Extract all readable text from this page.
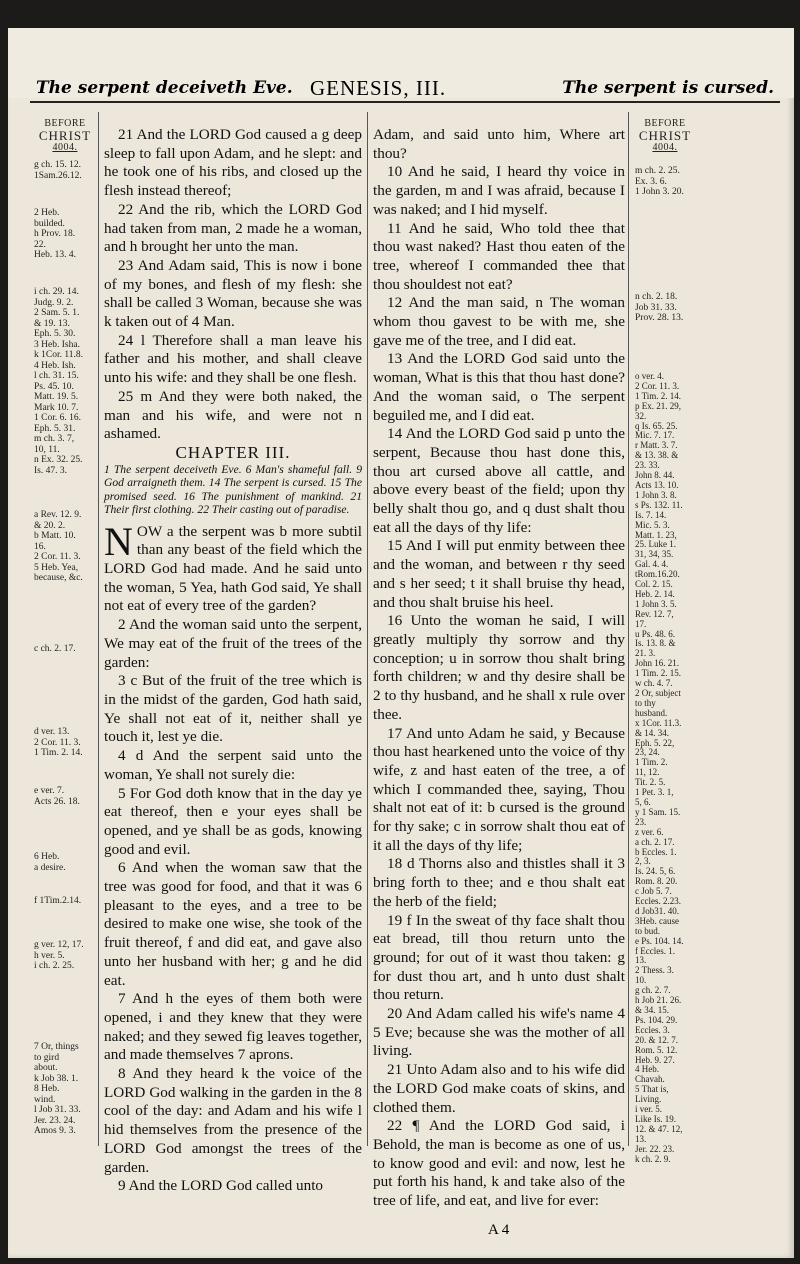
The serpent deceiveth Eve. GENESIS, III.	The serpent is cursed.
BEFORE
CHRIST
4004.
g ch. 15. 12.
1Sam.26.12.
2 Heb.
builded.
h Prov. 18.
22.
Heb. 13. 4.
i ch. 29. 14.
Judg. 9. 2.
2 Sam. 5. 1.
& 19. 13.
Eph. 5. 30.
3 Heb. Isha.
k 1Cor. 11.8.
4 Heb. Ish.
l ch. 31. 15.
Ps. 45. 10.
Matt. 19. 5.
Mark 10. 7.
1 Cor. 6. 16.
Eph. 5. 31.
m ch. 3. 7,
10, 11.
n Ex. 32. 25.
Is. 47. 3.
a Rev. 12. 9.
& 20. 2.
b Matt. 10.
16.
2 Cor. 11. 3.
5 Heb. Yea,
because, &c.
c ch. 2. 17.
d ver. 13.
2 Cor. 11. 3.
1 Tim. 2. 14.
e ver. 7.
Acts 26. 18.
6 Heb.
a desire.
f 1Tim.2.14.
g ver. 12, 17.
h ver. 5.
i ch. 2. 25.
7 Or, things
to gird
about.
k Job 38. 1.
8 Heb.
wind.
l Job 31. 33.
Jer. 23. 24.
Amos 9. 3.
BEFORE
CHRIST
4004.
m ch. 2. 25.
Ex. 3. 6.
1 John 3. 20.
n ch. 2. 18.
Job 31. 33.
Prov. 28. 13.
o ver. 4.
2 Cor. 11. 3.
1 Tim. 2. 14.
p Ex. 21. 29,
32.
q Is. 65. 25.
Mic. 7. 17.
r Matt. 3. 7.
& 13. 38. &
23. 33.
John 8. 44.
Acts 13. 10.
1 John 3. 8.
s Ps. 132. 11.
Is. 7. 14.
Mic. 5. 3.
Matt. 1. 23,
25. Luke 1.
31, 34, 35.
Gal. 4. 4.
tRom.16.20.
Col. 2. 15.
Heb. 2. 14.
1 John 3. 5.
Rev. 12. 7,
17.
u Ps. 48. 6.
Is. 13. 8. &
21. 3.
John 16. 21.
1 Tim. 2. 15.
w ch. 4. 7.
2 Or, subject
to thy
husband.
x 1Cor. 11.3.
& 14. 34.
Eph. 5. 22,
23, 24.
1 Tim. 2.
11, 12.
Tit. 2. 5.
1 Pet. 3. 1,
5, 6.
y 1 Sam. 15.
23.
z ver. 6.
a ch. 2. 17.
b Eccles. 1.
2, 3.
Is. 24. 5, 6.
Rom. 8. 20.
c Job 5. 7.
Eccles. 2.23.
d Job31. 40.
3Heb. cause
to bud.
e Ps. 104. 14.
f Eccles. 1.
13.
2 Thess. 3.
10.
g ch. 2. 7.
h Job 21. 26.
& 34. 15.
Ps. 104. 29.
Eccles. 3.
20. & 12. 7.
Rom. 5. 12.
Heb. 9. 27.
4 Heb.
Chavah.
5 That is,
Living.
i ver. 5.
Like Is. 19.
12. & 47. 12,
13.
Jer. 22. 23.
k ch. 2. 9.

21 And the LORD God caused a g deep sleep to fall upon Adam, and he slept: and he took one of his ribs, and closed up the flesh instead thereof;

22 And the rib, which the LORD God had taken from man, 2 made he a woman, and h brought her unto the man.

23 And Adam said, This is now i bone of my bones, and flesh of my flesh: she shall be called 3 Woman, because she was k taken out of 4 Man.

24 l Therefore shall a man leave his father and his mother, and shall cleave unto his wife: and they shall be one flesh.

25 m And they were both naked, the man and his wife, and were not n ashamed.

CHAPTER III.

1 The serpent deceiveth Eve. 6 Man's shameful fall. 9 God arraigneth them. 14 The serpent is cursed. 15 The promised seed. 16 The punishment of mankind. 21 Their first clothing. 22 Their casting out of paradise.

NOW a the serpent was b more subtil than any beast of the field which the LORD God had made. And he said unto the woman, 5 Yea, hath God said, Ye shall not eat of every tree of the garden?

2 And the woman said unto the serpent, We may eat of the fruit of the trees of the garden:

3 c But of the fruit of the tree which is in the midst of the garden, God hath said, Ye shall not eat of it, neither shall ye touch it, lest ye die.

4 d And the serpent said unto the woman, Ye shall not surely die:

5 For God doth know that in the day ye eat thereof, then e your eyes shall be opened, and ye shall be as gods, knowing good and evil.

6 And when the woman saw that the tree was good for food, and that it was 6 pleasant to the eyes, and a tree to be desired to make one wise, she took of the fruit thereof, f and did eat, and gave also unto her husband with her; g and he did eat.

7 And h the eyes of them both were opened, i and they knew that they were naked; and they sewed fig leaves together, and made themselves 7 aprons.

8 And they heard k the voice of the LORD God walking in the garden in the 8 cool of the day: and Adam and his wife l hid themselves from the presence of the LORD God amongst the trees of the garden.

9 And the LORD God called unto

Adam, and said unto him, Where art thou?

10 And he said, I heard thy voice in the garden, m and I was afraid, because I was naked; and I hid myself.

11 And he said, Who told thee that thou wast naked? Hast thou eaten of the tree, whereof I commanded thee that thou shouldest not eat?

12 And the man said, n The woman whom thou gavest to be with me, she gave me of the tree, and I did eat.

13 And the LORD God said unto the woman, What is this that thou hast done? And the woman said, o The serpent beguiled me, and I did eat.

14 And the LORD God said p unto the serpent, Because thou hast done this, thou art cursed above all cattle, and above every beast of the field; upon thy belly shalt thou go, and q dust shalt thou eat all the days of thy life:

15 And I will put enmity between thee and the woman, and between r thy seed and s her seed; t it shall bruise thy head, and thou shalt bruise his heel.

16 Unto the woman he said, I will greatly multiply thy sorrow and thy conception; u in sorrow thou shalt bring forth children; w and thy desire shall be 2 to thy husband, and he shall x rule over thee.

17 And unto Adam he said, y Because thou hast hearkened unto the voice of thy wife, z and hast eaten of the tree, a of which I commanded thee, saying, Thou shalt not eat of it: b cursed is the ground for thy sake; c in sorrow shalt thou eat of it all the days of thy life;

18 d Thorns also and thistles shall it 3 bring forth to thee; and e thou shalt eat the herb of the field;

19 f In the sweat of thy face shalt thou eat bread, till thou return unto the ground; for out of it wast thou taken: g for dust thou art, and h unto dust shalt thou return.

20 And Adam called his wife's name 4 5 Eve; because she was the mother of all living.

21 Unto Adam also and to his wife did the LORD God make coats of skins, and clothed them.

22 ¶ And the LORD God said, i Behold, the man is become as one of us, to know good and evil: and now, lest he put forth his hand, k and take also of the tree of life, and eat, and live for ever:

A 4
